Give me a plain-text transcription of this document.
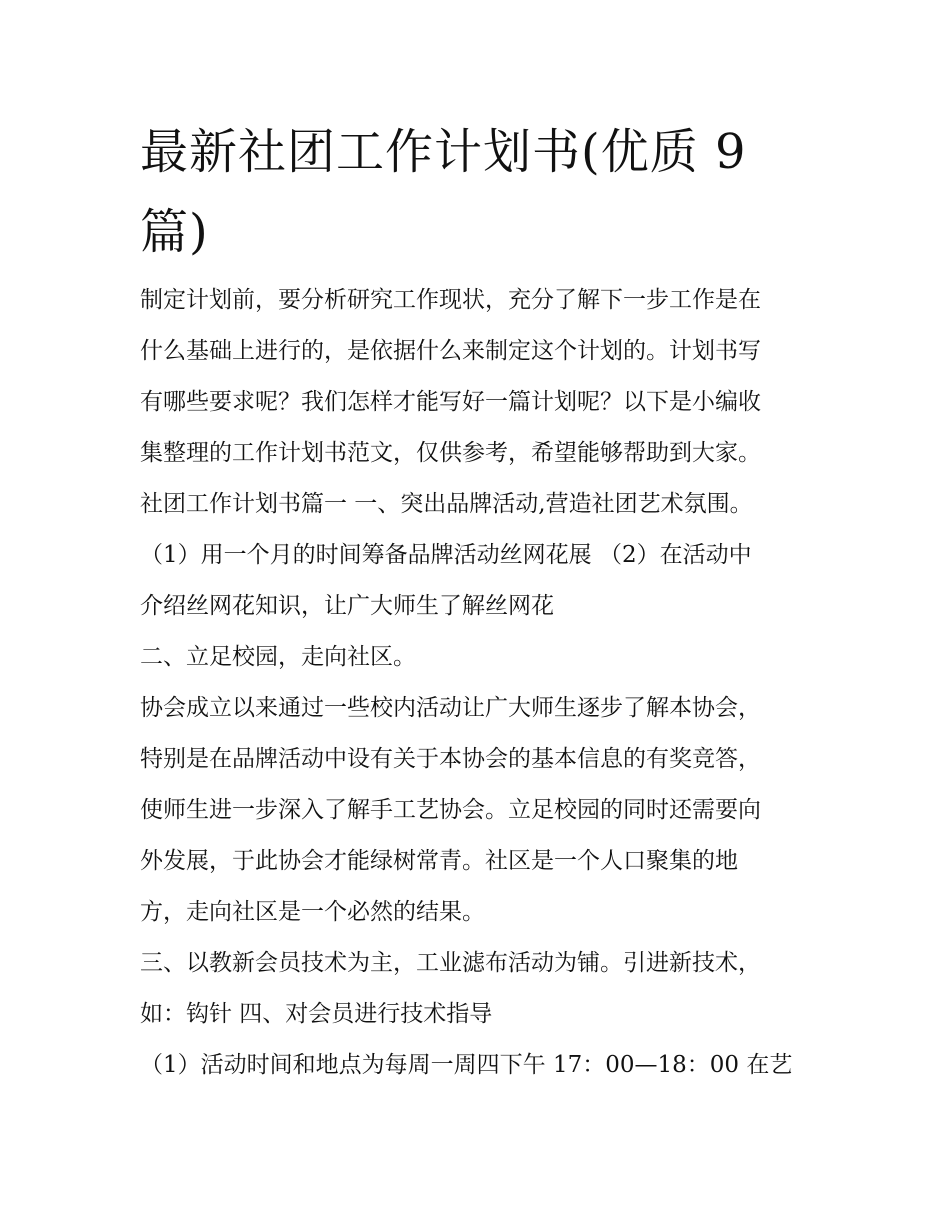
最新社团工作计划书(优质 9
篇)

制定计划前，要分析研究工作现状，充分了解下一步工作是在

什么基础上进行的，是依据什么来制定这个计划的。计划书写

有哪些要求呢？我们怎样才能写好一篇计划呢？以下是小编收

集整理的工作计划书范文，仅供参考，希望能够帮助到大家。

社团工作计划书篇一 一、突出品牌活动,营造社团艺术氛围。

（1）用一个月的时间筹备品牌活动丝网花展 （2）在活动中

介绍丝网花知识，让广大师生了解丝网花

二、立足校园，走向社区。

协会成立以来通过一些校内活动让广大师生逐步了解本协会，

特别是在品牌活动中设有关于本协会的基本信息的有奖竞答，

使师生进一步深入了解手工艺协会。立足校园的同时还需要向

外发展，于此协会才能绿树常青。社区是一个人口聚集的地

方，走向社区是一个必然的结果。

三、以教新会员技术为主，工业滤布活动为铺。引进新技术，

如：钩针 四、对会员进行技术指导

（1）活动时间和地点为每周一周四下午 17：00—18：00 在艺
